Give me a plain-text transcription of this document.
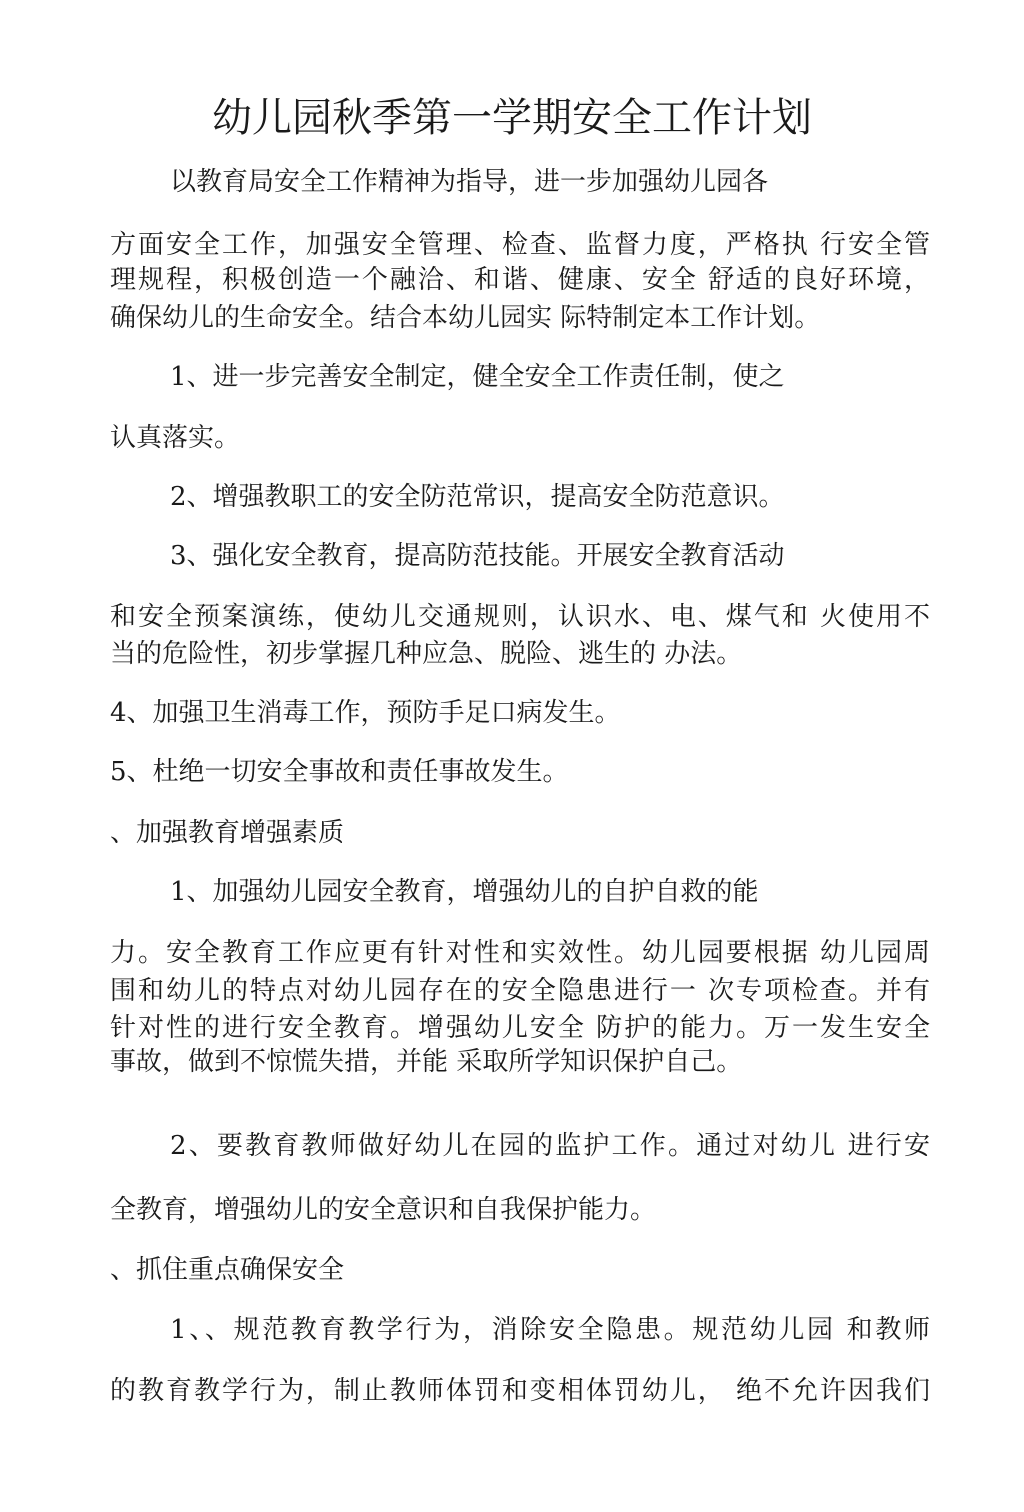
幼儿园秋季第一学期安全工作计划
以教育局安全工作精神为指导，进一步加强幼儿园各
方面安全工作，加强安全管理、检查、监督力度，严格执 行安全管
理规程，积极创造一个融洽、和谐、健康、安全 舒适的良好环境，
确保幼儿的生命安全。结合本幼儿园实 际特制定本工作计划。
1、进一步完善安全制定，健全安全工作责任制，使之
认真落实。
2、增强教职工的安全防范常识，提高安全防范意识。
3、强化安全教育，提高防范技能。开展安全教育活动
和安全预案演练，使幼儿交通规则，认识水、电、煤气和 火使用不
当的危险性，初步掌握几种应急、脱险、逃生的 办法。
4、加强卫生消毒工作，预防手足口病发生。
5、杜绝一切安全事故和责任事故发生。
、加强教育增强素质
1、加强幼儿园安全教育，增强幼儿的自护自救的能
力。安全教育工作应更有针对性和实效性。幼儿园要根据 幼儿园周
围和幼儿的特点对幼儿园存在的安全隐患进行一 次专项检查。并有
针对性的进行安全教育。增强幼儿安全 防护的能力。万一发生安全
事故，做到不惊慌失措，并能 采取所学知识保护自己。
2、要教育教师做好幼儿在园的监护工作。通过对幼儿 进行安
全教育，增强幼儿的安全意识和自我保护能力。
、抓住重点确保安全
1、、规范教育教学行为，消除安全隐患。规范幼儿园 和教师
的教育教学行为，制止教师体罚和变相体罚幼儿， 绝不允许因我们
